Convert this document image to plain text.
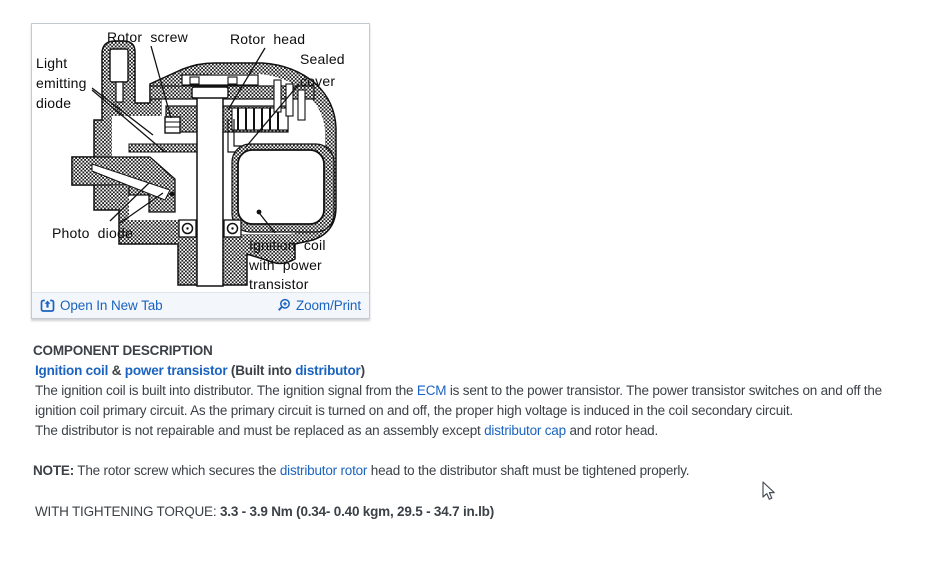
Rotor screw	Rotor head
Sealed
cover
Light
emitting
diode
Photo diode
Ignition coil
with power
transistor
Open In New Tab	Zoom/Print
COMPONENT DESCRIPTION
Ignition coil & power transistor (Built into distributor)
The ignition coil is built into distributor. The ignition signal from the ECM is sent to the power transistor. The power transistor switches on and off the ignition coil primary circuit. As the primary circuit is turned on and off, the proper high voltage is induced in the coil secondary circuit.
The distributor is not repairable and must be replaced as an assembly except distributor cap and rotor head.
NOTE: The rotor screw which secures the distributor rotor head to the distributor shaft must be tightened properly.
WITH TIGHTENING TORQUE: 3.3 - 3.9 Nm (0.34- 0.40 kgm, 29.5 - 34.7 in.lb)
